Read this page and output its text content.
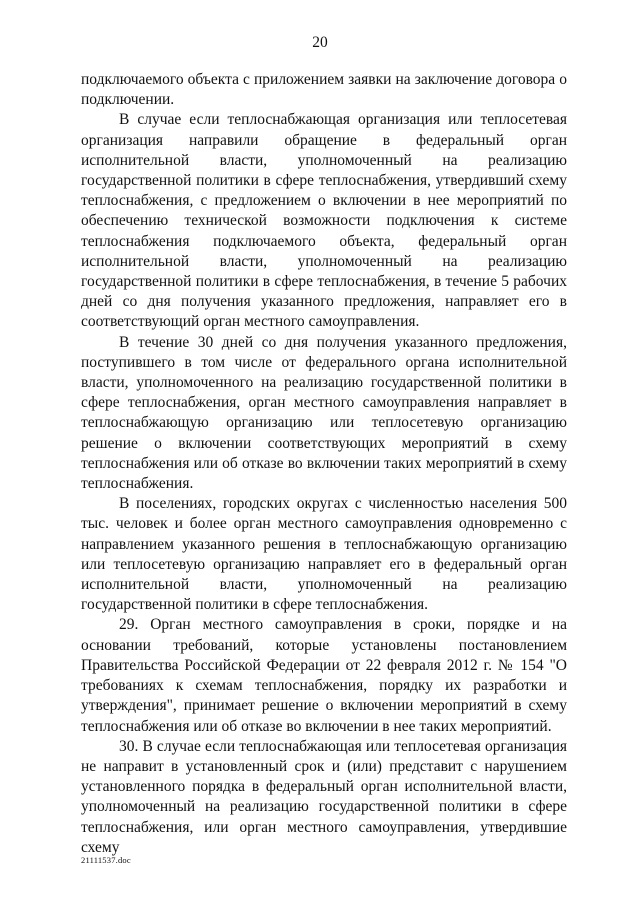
20

подключаемого объекта с приложением заявки на заключение договора о подключении.

В случае если теплоснабжающая организация или теплосетевая организация направили обращение в федеральный орган исполнительной власти, уполномоченный на реализацию государственной политики в сфере теплоснабжения, утвердивший схему теплоснабжения, с предложением о включении в нее мероприятий по обеспечению технической возможности подключения к системе теплоснабжения подключаемого объекта, федеральный орган исполнительной власти, уполномоченный на реализацию государственной политики в сфере теплоснабжения, в течение 5 рабочих дней со дня получения указанного предложения, направляет его в соответствующий орган местного самоуправления.

В течение 30 дней со дня получения указанного предложения, поступившего в том числе от федерального органа исполнительной власти, уполномоченного на реализацию государственной политики в сфере теплоснабжения, орган местного самоуправления направляет в теплоснабжающую организацию или теплосетевую организацию решение о включении соответствующих мероприятий в схему теплоснабжения или об отказе во включении таких мероприятий в схему теплоснабжения.

В поселениях, городских округах с численностью населения 500 тыс. человек и более орган местного самоуправления одновременно с направлением указанного решения в теплоснабжающую организацию или теплосетевую организацию направляет его в федеральный орган исполнительной власти, уполномоченный на реализацию государственной политики в сфере теплоснабжения.

29. Орган местного самоуправления в сроки, порядке и на основании требований, которые установлены постановлением Правительства Российской Федерации от 22 февраля 2012 г. № 154 "О требованиях к схемам теплоснабжения, порядку их разработки и утверждения", принимает решение о включении мероприятий в схему теплоснабжения или об отказе во включении в нее таких мероприятий.

30. В случае если теплоснабжающая или теплосетевая организация не направит в установленный срок и (или) представит с нарушением установленного порядка в федеральный орган исполнительной власти, уполномоченный на реализацию государственной политики в сфере теплоснабжения, или орган местного самоуправления, утвердившие схему

21111537.doc
